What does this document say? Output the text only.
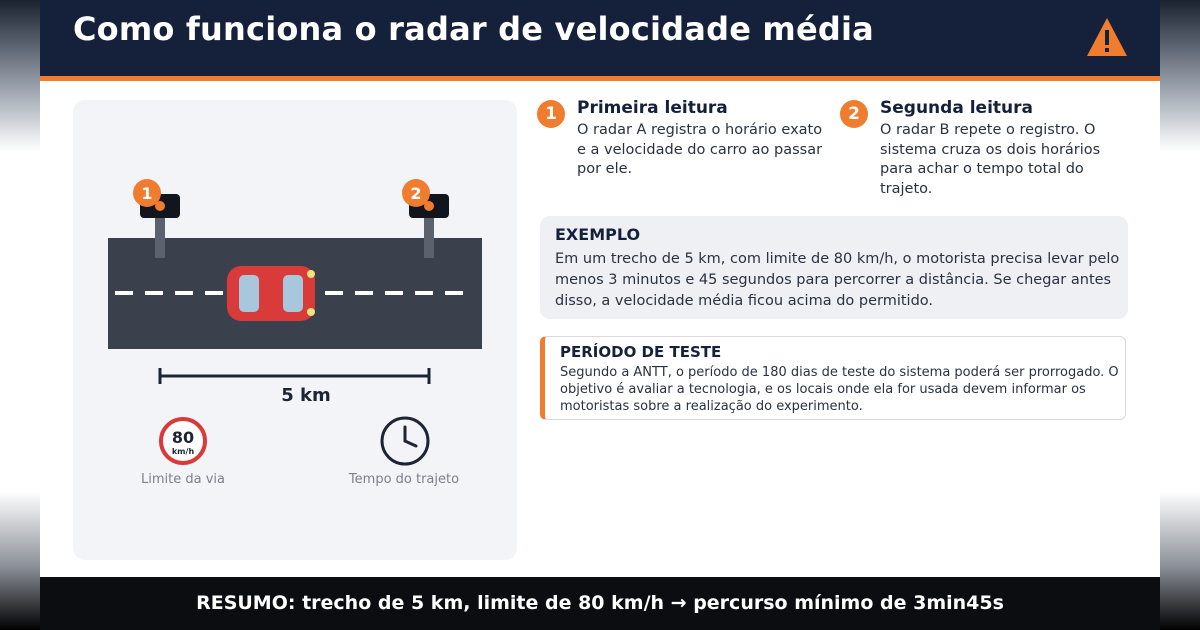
Como funciona o radar de velocidade média
1	2
80
km/h
5 km
Limite da via	Tempo do trajeto
1	Primeira leitura
O radar A registra o horário exato e a velocidade do carro ao passar por ele.
2	Segunda leitura
O radar B repete o registro. O sistema cruza os dois horários para achar o tempo total do trajeto.
EXEMPLO
Em um trecho de 5 km, com limite de 80 km/h, o motorista precisa levar pelo menos 3 minutos e 45 segundos para percorrer a distância. Se chegar antes disso, a velocidade média ficou acima do permitido.
PERÍODO DE TESTE
Segundo a ANTT, o período de 180 dias de teste do sistema poderá ser prorrogado. O objetivo é avaliar a tecnologia, e os locais onde ela for usada devem informar os motoristas sobre a realização do experimento.
RESUMO: trecho de 5 km, limite de 80 km/h → percurso mínimo de 3min45s
